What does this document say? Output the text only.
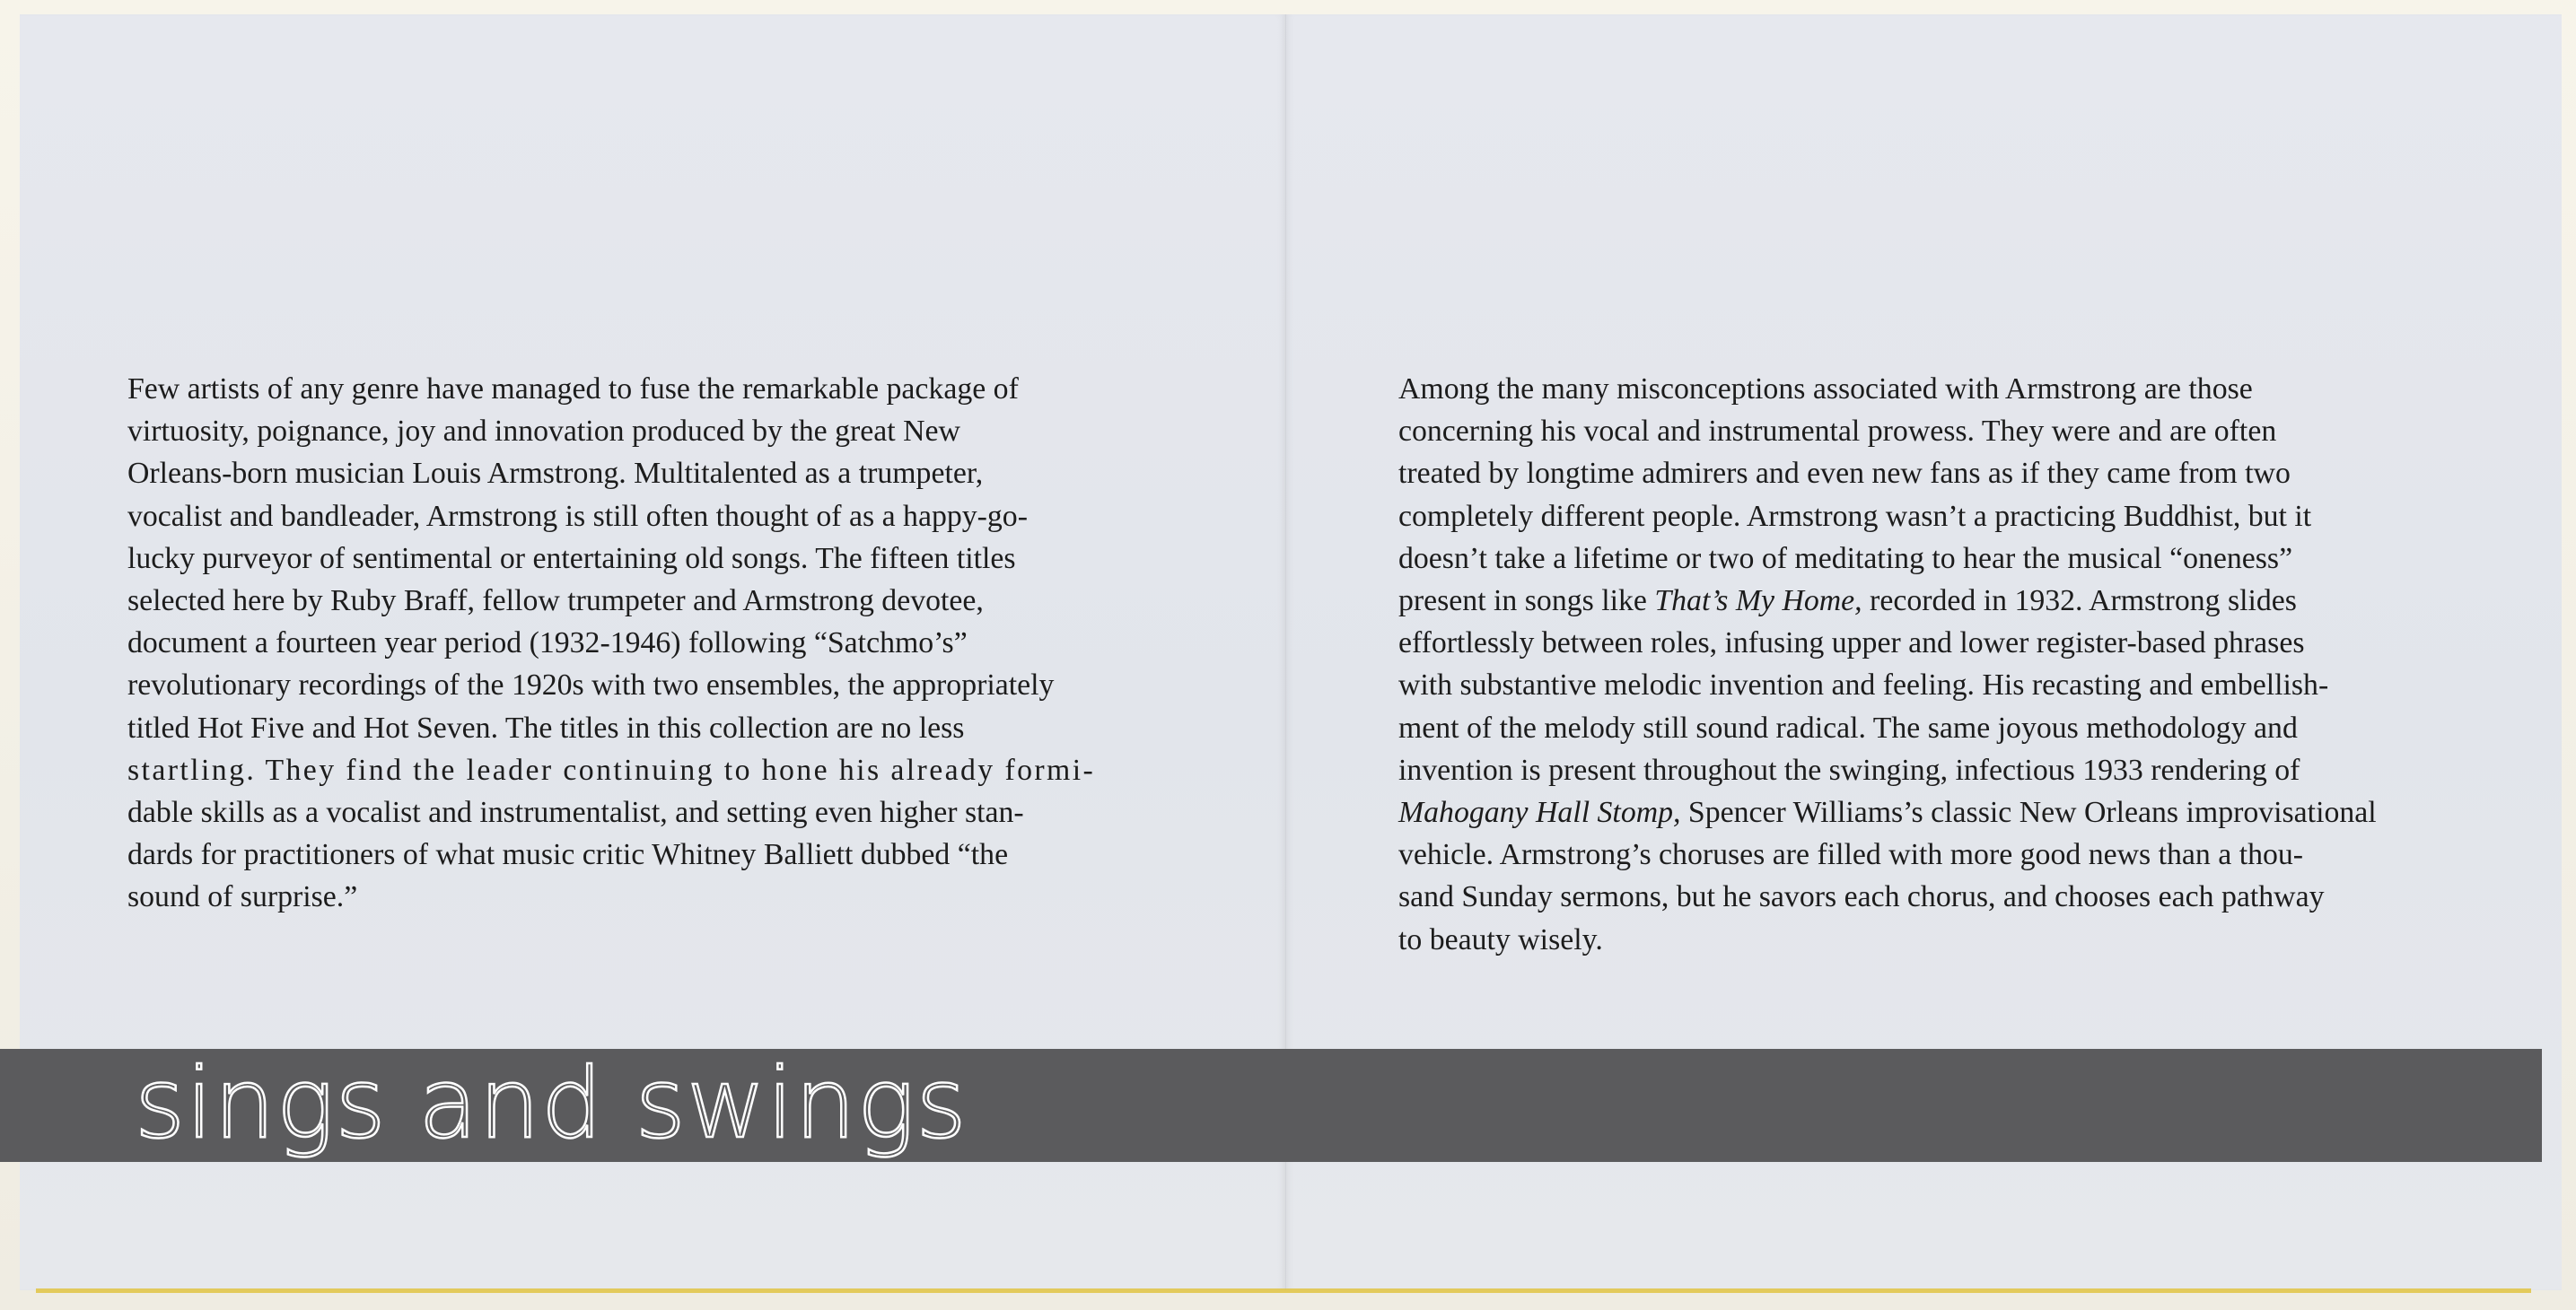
sings and swings

Few artists of any genre have managed to fuse the remarkable package of
virtuosity, poignance, joy and innovation produced by the great New
Orleans-born musician Louis Armstrong. Multitalented as a trumpeter,
vocalist and bandleader, Armstrong is still often thought of as a happy-go-
lucky purveyor of sentimental or entertaining old songs. The fifteen titles
selected here by Ruby Braff, fellow trumpeter and Armstrong devotee,
document a fourteen year period (1932-1946) following “Satchmo’s”
revolutionary recordings of the 1920s with two ensembles, the appropriately
titled Hot Five and Hot Seven. The titles in this collection are no less
startling. They find the leader continuing to hone his already formi-
dable skills as a vocalist and instrumentalist, and setting even higher stan-
dards for practitioners of what music critic Whitney Balliett dubbed “the
sound of surprise.”

Among the many misconceptions associated with Armstrong are those
concerning his vocal and instrumental prowess. They were and are often
treated by longtime admirers and even new fans as if they came from two
completely different people. Armstrong wasn’t a practicing Buddhist, but it
doesn’t take a lifetime or two of meditating to hear the musical “oneness”
present in songs like That’s My Home, recorded in 1932. Armstrong slides
effortlessly between roles, infusing upper and lower register-based phrases
with substantive melodic invention and feeling. His recasting and embellish-
ment of the melody still sound radical. The same joyous methodology and
invention is present throughout the swinging, infectious 1933 rendering of
Mahogany Hall Stomp, Spencer Williams’s classic New Orleans improvisational
vehicle. Armstrong’s choruses are filled with more good news than a thou-
sand Sunday sermons, but he savors each chorus, and chooses each pathway
to beauty wisely.
